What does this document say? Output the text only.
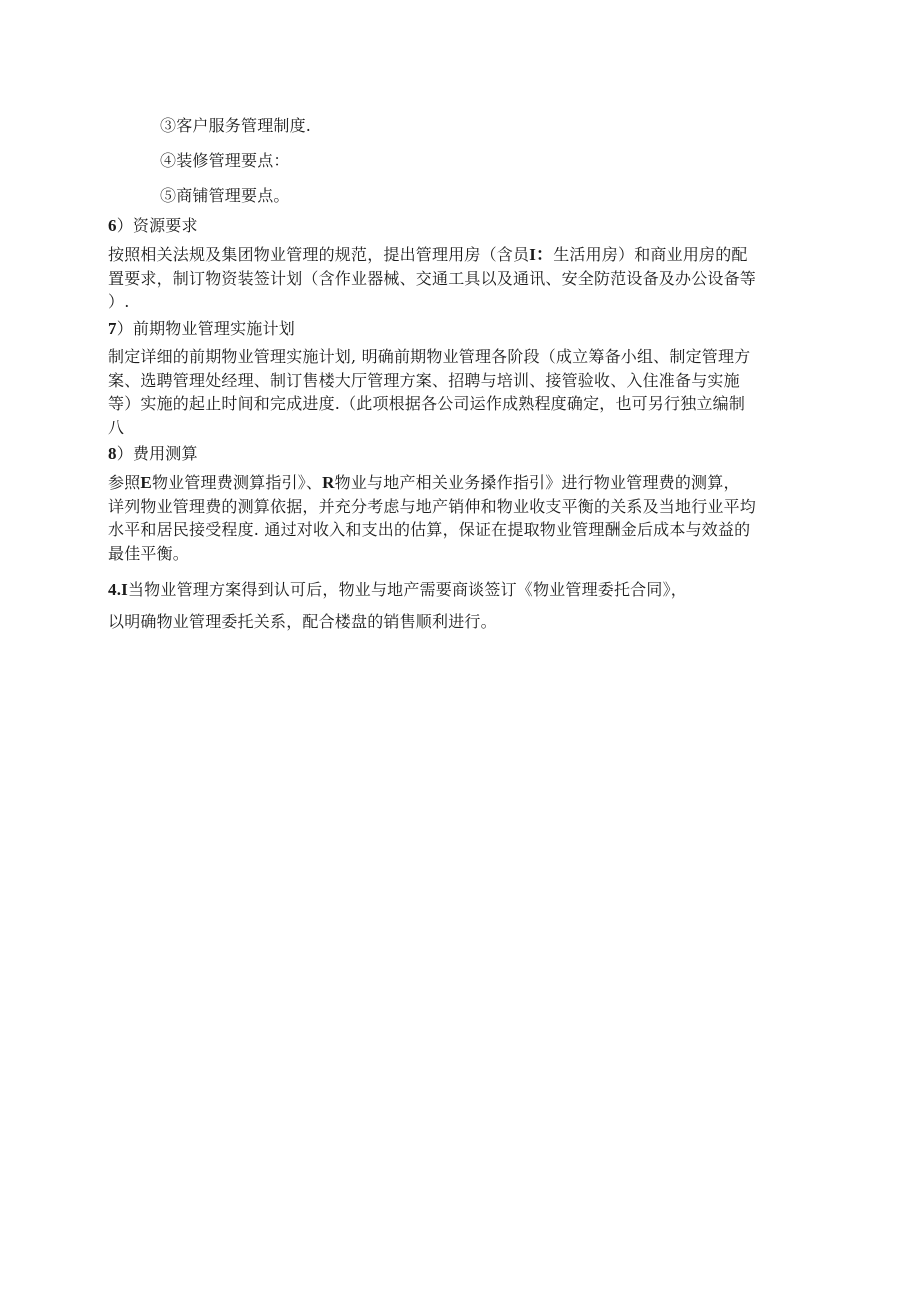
③客户服务管理制度.
④装修管理要点：
⑤商铺管理要点。
6）资源要求
按照相关法规及集团物业管理的规范，提出管理用房（含员I：生活用房）和商业用房的配
置要求，制订物资装签计划（含作业器械、交通工具以及通讯、安全防范设备及办公设备等
）.
7）前期物业管理实施计划
制定详细的前期物业管理实施计划, 明确前期物业管理各阶段（成立筹备小组、制定管理方
案、选聘管理处经理、制订售楼大厅管理方案、招聘与培训、接管验收、入住准备与实施
等）实施的起止时间和完成进度.（此项根据各公司运作成熟程度确定，也可另行独立编制
八
8）费用测算
参照E物业管理费测算指引》、R物业与地产相关业务搡作指引》进行物业管理费的测算，
详列物业管理费的测算依据，并充分考虑与地产销伸和物业收支平衡的关系及当地行业平均
水平和居民接受程度. 通过对收入和支出的估算，保证在提取物业管理酬金后成本与效益的
最佳平衡。
4.I当物业管理方案得到认可后，物业与地产需要商谈签订《物业管理委托合同》，
以明确物业管理委托关系，配合楼盘的销售顺利进行。
